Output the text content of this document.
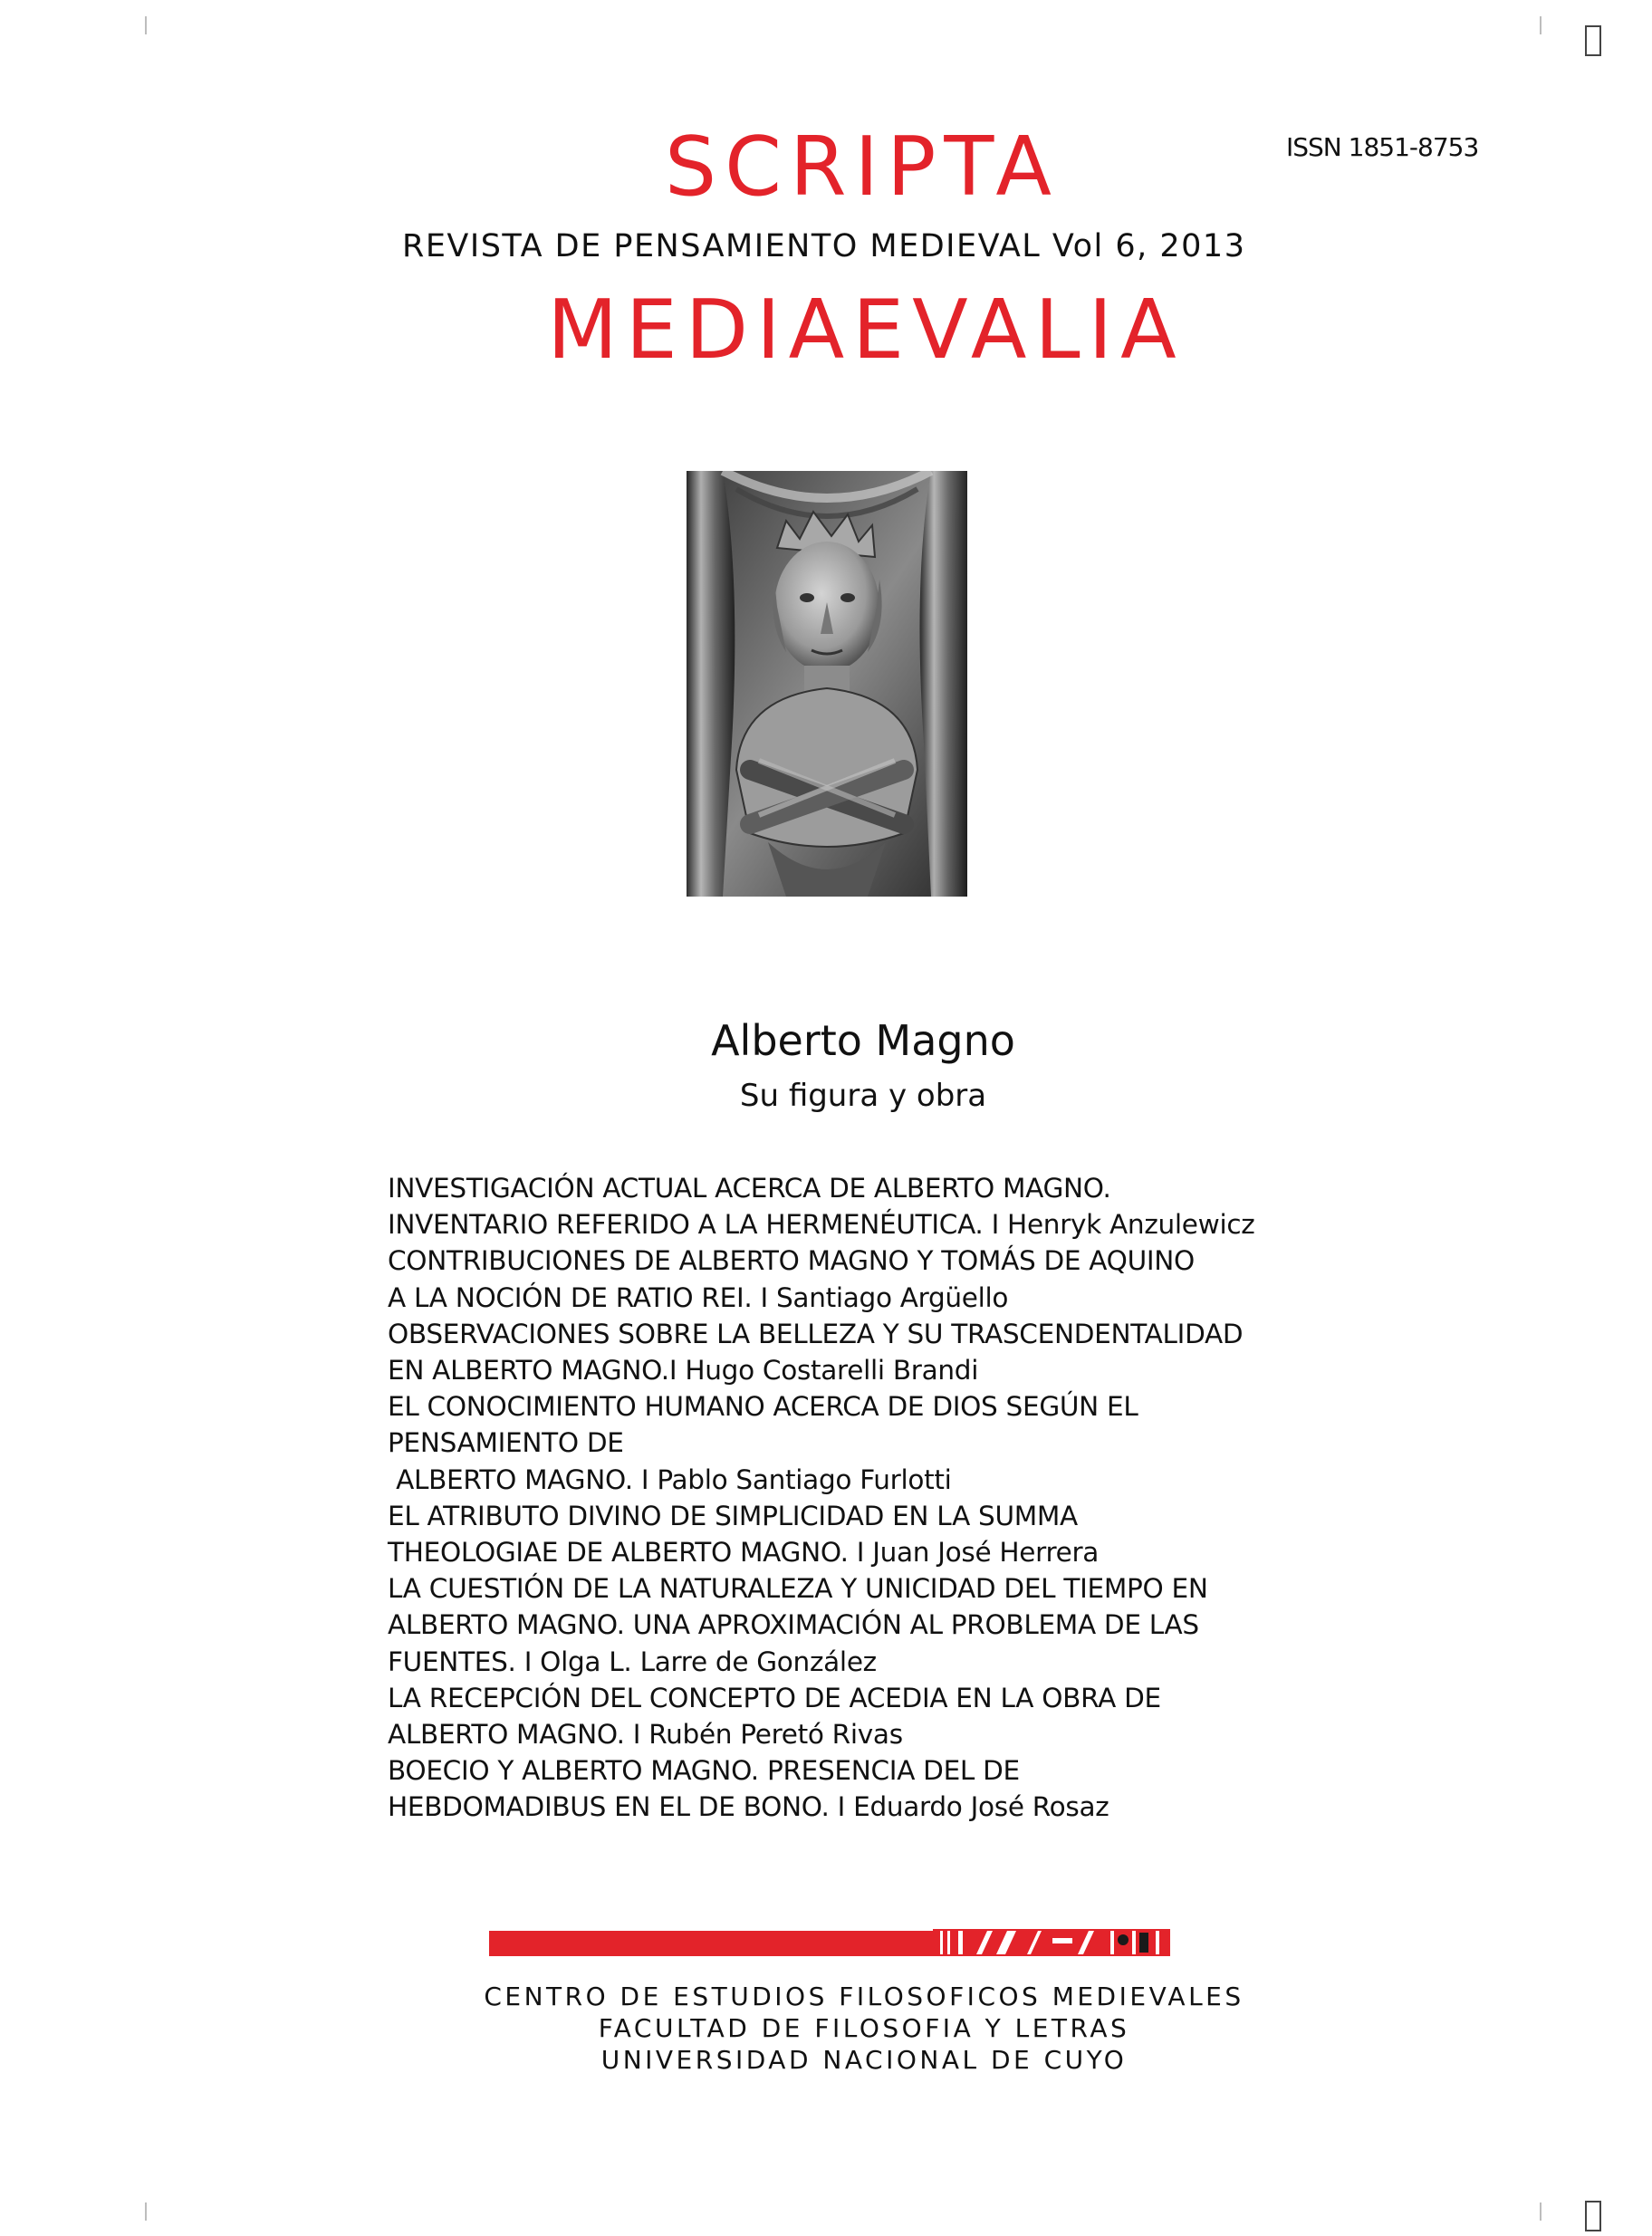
ISSN 1851-8753
SCRIPTA
REVISTA DE PENSAMIENTO MEDIEVAL Vol 6, 2013
MEDIAEVALIA
Alberto Magno
Su figura y obra
INVESTIGACIÓN ACTUAL ACERCA DE ALBERTO MAGNO.
INVENTARIO REFERIDO A LA HERMENÉUTICA. I Henryk Anzulewicz
CONTRIBUCIONES DE ALBERTO MAGNO Y TOMÁS DE AQUINO
A LA NOCIÓN DE RATIO REI. I Santiago Argüello
OBSERVACIONES SOBRE LA BELLEZA Y SU TRASCENDENTALIDAD
EN ALBERTO MAGNO.I Hugo Costarelli Brandi
EL CONOCIMIENTO HUMANO ACERCA DE DIOS SEGÚN EL
PENSAMIENTO DE
ALBERTO MAGNO. I Pablo Santiago Furlotti
EL ATRIBUTO DIVINO DE SIMPLICIDAD EN LA SUMMA
THEOLOGIAE DE ALBERTO MAGNO. I Juan José Herrera
LA CUESTIÓN DE LA NATURALEZA Y UNICIDAD DEL TIEMPO EN
ALBERTO MAGNO. UNA APROXIMACIÓN AL PROBLEMA DE LAS
FUENTES. I Olga L. Larre de González
LA RECEPCIÓN DEL CONCEPTO DE ACEDIA EN LA OBRA DE
ALBERTO MAGNO. I Rubén Peretó Rivas
BOECIO Y ALBERTO MAGNO. PRESENCIA DEL DE
HEBDOMADIBUS EN EL DE BONO. I Eduardo José Rosaz
CENTRO DE ESTUDIOS FILOSOFICOS MEDIEVALES
FACULTAD DE FILOSOFIA Y LETRAS
UNIVERSIDAD NACIONAL DE CUYO
